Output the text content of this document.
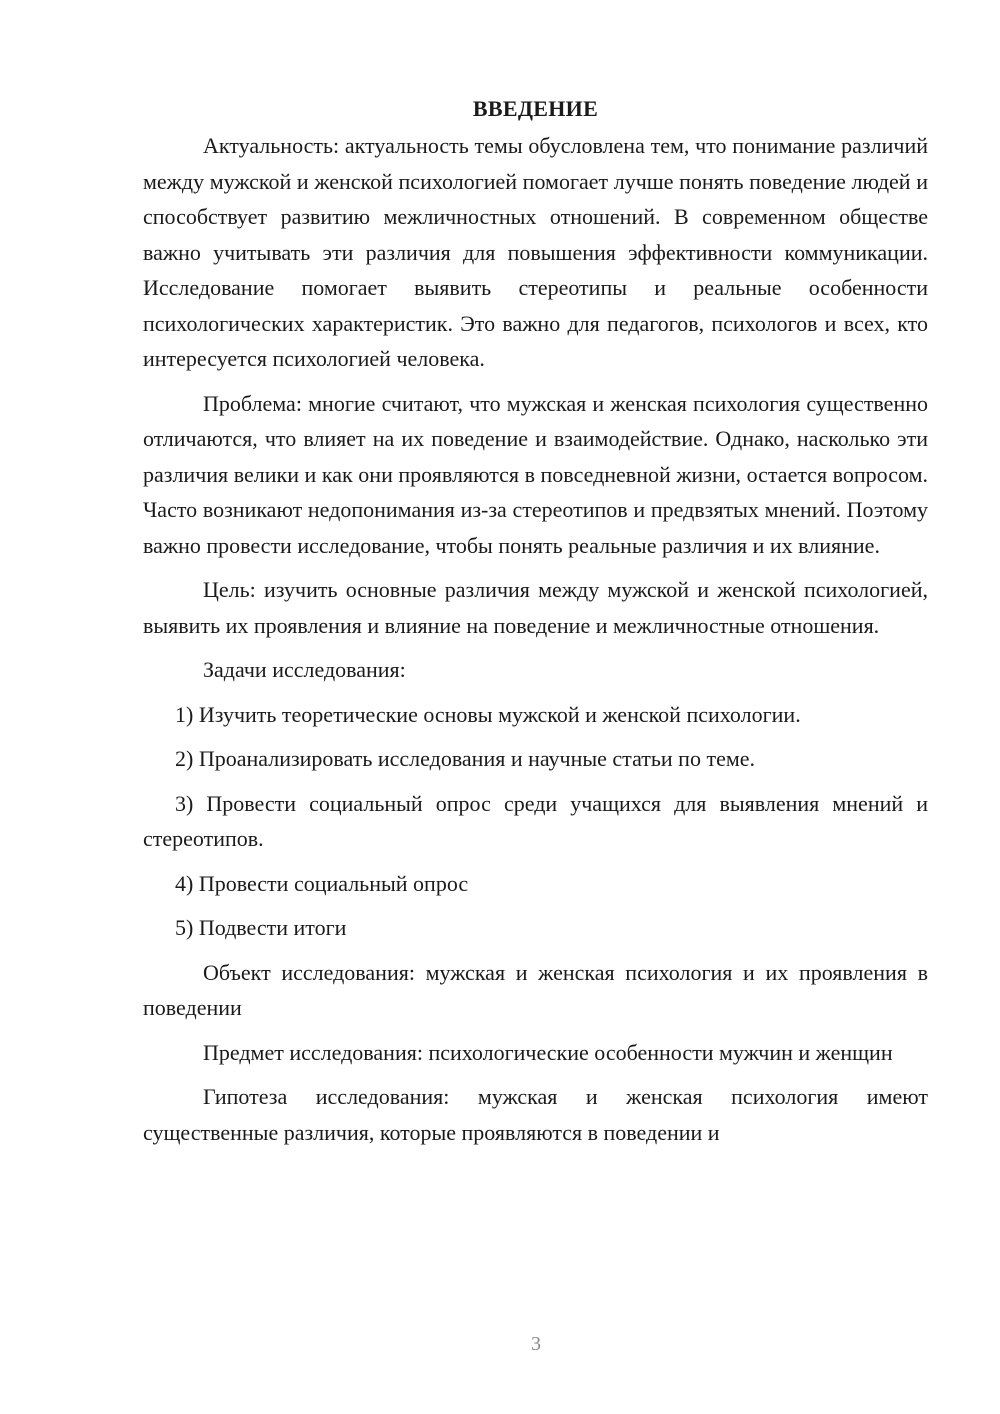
ВВЕДЕНИЕ

Актуальность: актуальность темы обусловлена тем, что понимание различий между мужской и женской психологией помогает лучше понять поведение людей и способствует развитию межличностных отношений. В современном обществе важно учитывать эти различия для повышения эффективности коммуникации. Исследование помогает выявить стереотипы и реальные особенности психологических характеристик. Это важно для педагогов, психологов и всех, кто интересуется психологией человека.

Проблема: многие считают, что мужская и женская психология существенно отличаются, что влияет на их поведение и взаимодействие. Однако, насколько эти различия велики и как они проявляются в повседневной жизни, остается вопросом. Часто возникают недопонимания из-за стереотипов и предвзятых мнений. Поэтому важно провести исследование, чтобы понять реальные различия и их влияние.

Цель: изучить основные различия между мужской и женской психологией, выявить их проявления и влияние на поведение и межличностные отношения.

Задачи исследования:

1) Изучить теоретические основы мужской и женской психологии.

2) Проанализировать исследования и научные статьи по теме.

3) Провести социальный опрос среди учащихся для выявления мнений и стереотипов.

4) Провести социальный опрос

5) Подвести итоги

Объект исследования: мужская и женская психология и их проявления в поведении

Предмет исследования: психологические особенности мужчин и женщин

Гипотеза исследования: мужская и женская психология имеют существенные различия, которые проявляются в поведении и

3
